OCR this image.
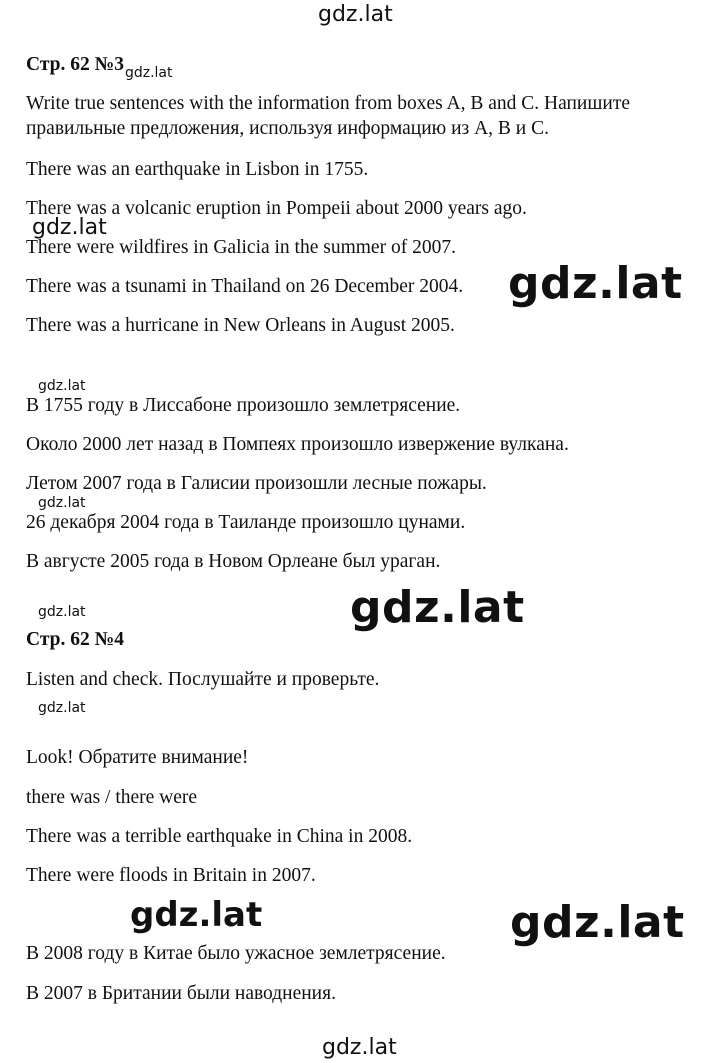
gdz.lat
Стр. 62 $№3_{gdz.lat}$
Write true sentences with the information from boxes A, B and C. Напишите
правильные предложения, используя информацию из А, В и С.
There was an earthquake in Lisbon in 1755.
There was a volcanic eruption in Pompeii about 2000 years ago.
gdz.lat
There were wildfires in Galicia in the summer of 2007.
There was a tsunami in Thailand on 26 December 2004. gdz.lat
There was a hurricane in New Orleans in August 2005.
gdz.lat
В 1755 году в Лиссабоне произошло землетрясение.
Около 2000 лет назад в Помпеях произошло извержение вулкана.
Летом 2007 года в Галисии произошли лесные пожары.
gdz.lat
26 декабря 2004 года в Таиланде произошло цунами.
В августе 2005 года в Новом Орлеане был ураган.
gdz.lat	gdz.lat
Стр. 62 №4
Listen and check. Послушайте и проверьте.
gdz.lat
Look! Обратите внимание!
there was / there were
There was a terrible earthquake in China in 2008.
There were floods in Britain in 2007.
gdz.lat	gdz.lat
В 2008 году в Китае было ужасное землетрясение.
В 2007 в Британии были наводнения.
gdz.lat
